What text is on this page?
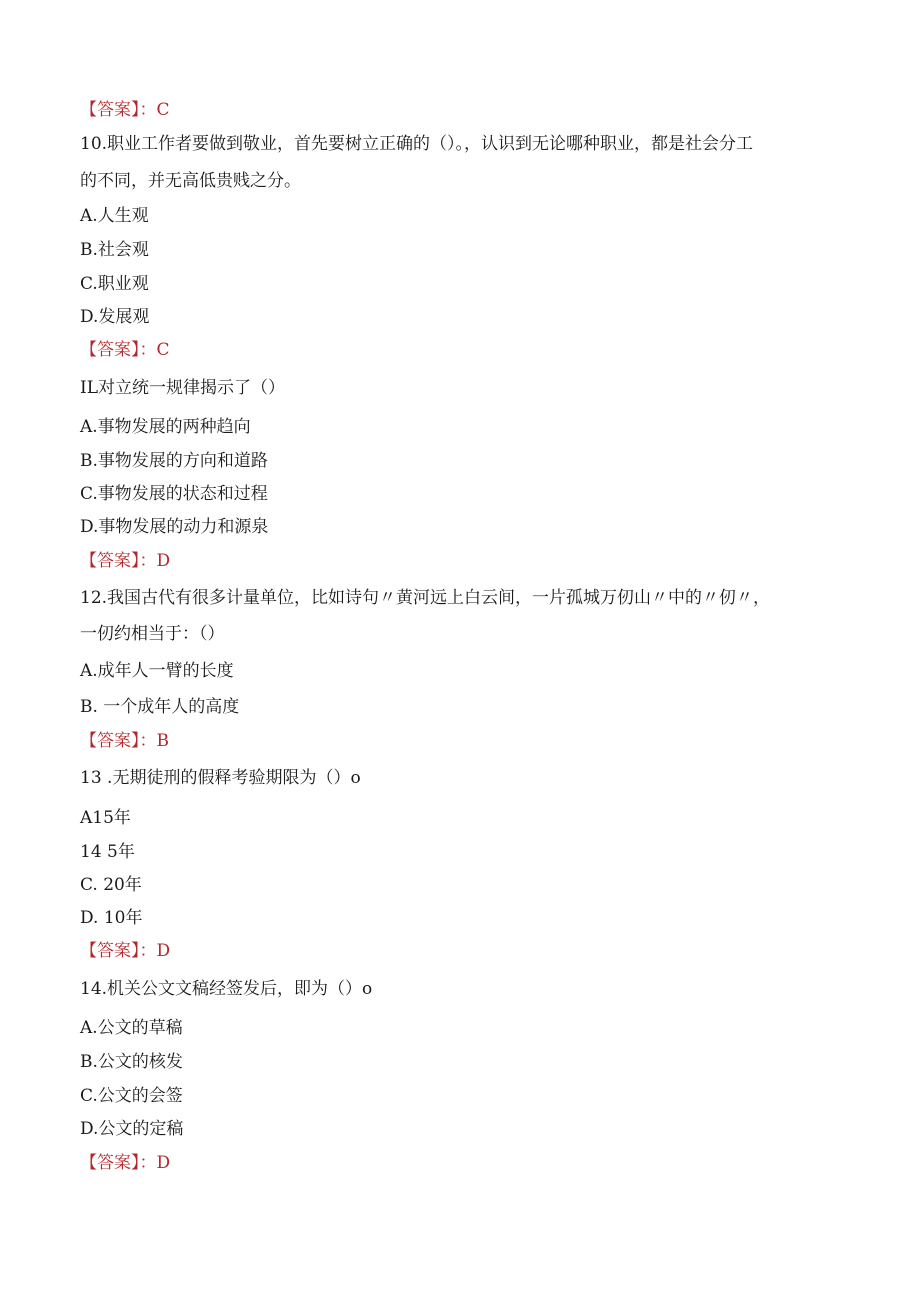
【答案】：C
10.职业工作者要做到敬业，首先要树立正确的（）。，认识到无论哪种职业，都是社会分工
的不同，并无高低贵贱之分。
A.人生观
B.社会观
C.职业观
D.发展观
【答案】：C
IL对立统一规律揭示了（）
A.事物发展的两种趋向
B.事物发展的方向和道路
C.事物发展的状态和过程
D.事物发展的动力和源泉
【答案】：D
12.我国古代有很多计量单位，比如诗句〃黄河远上白云间，一片孤城万仞山〃中的〃仞〃，
一仞约相当于：（）
A.成年人一臂的长度
B. 一个成年人的高度
【答案】：B
13 .无期徒刑的假释考验期限为（）o
A15年
14 5年
C. 20年
D. 10年
【答案】：D
14.机关公文文稿经签发后，即为（）o
A.公文的草稿
B.公文的核发
C.公文的会签
D.公文的定稿
【答案】：D
